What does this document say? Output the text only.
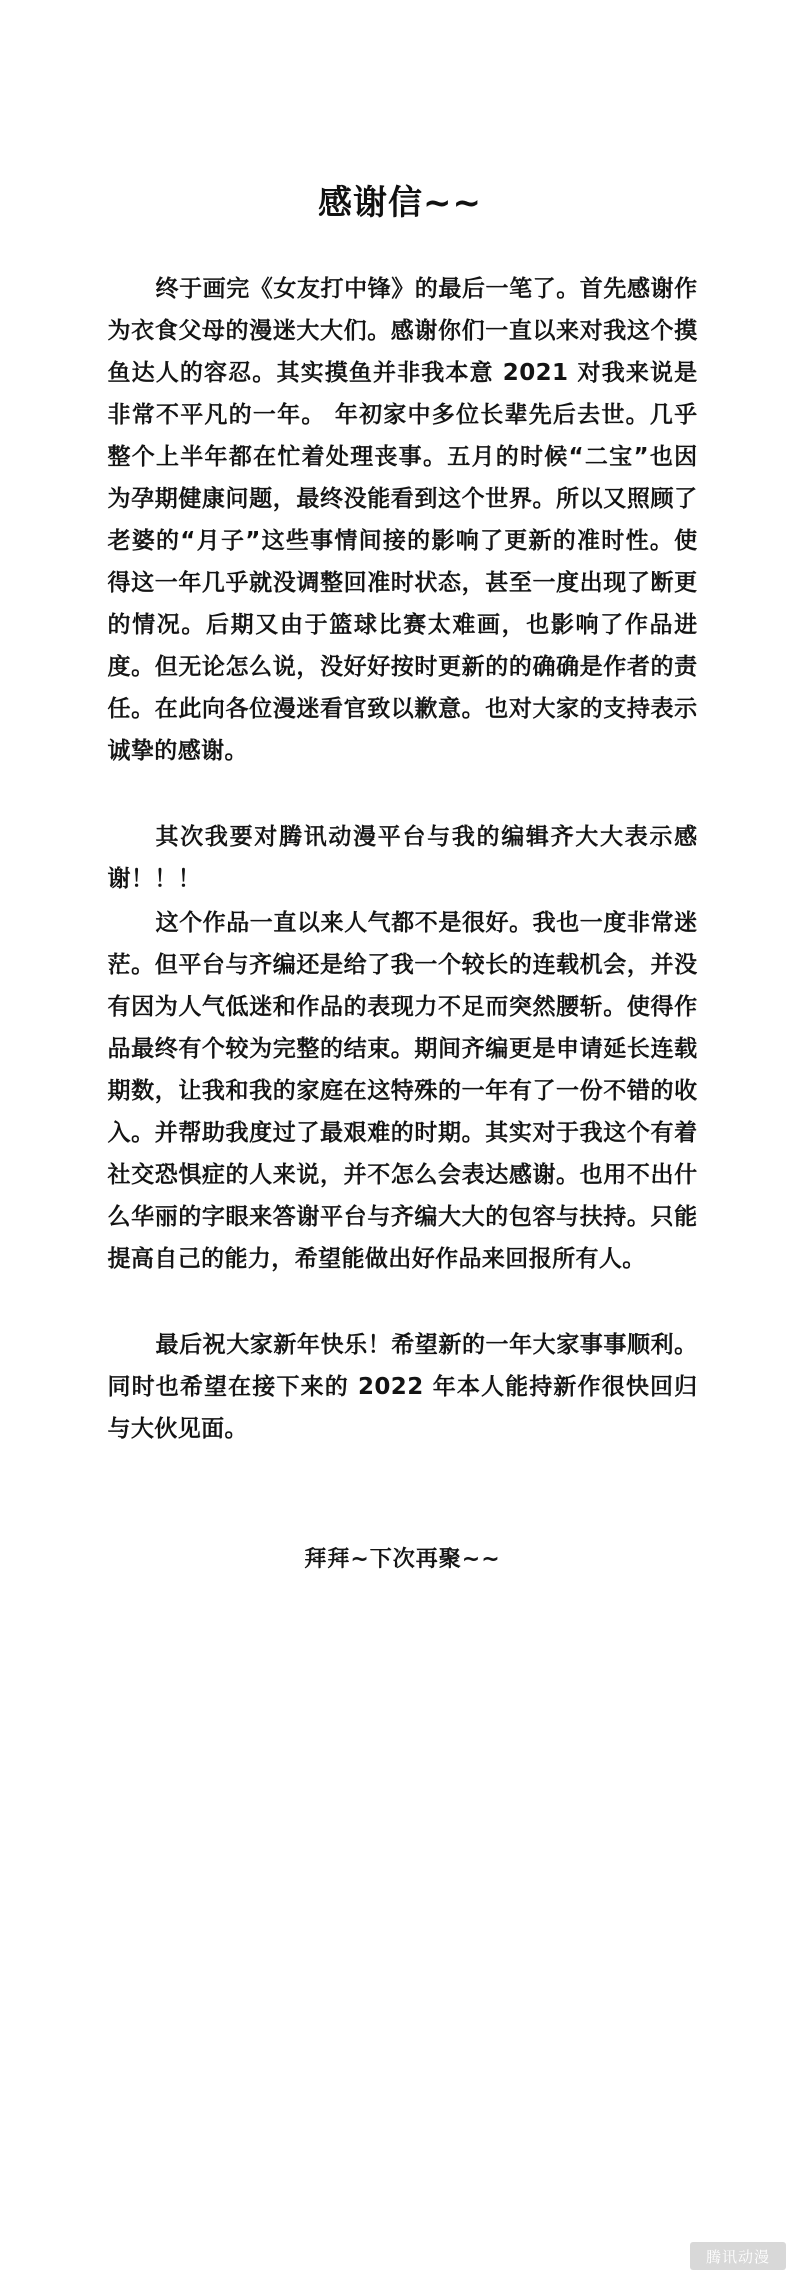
感谢信~~

终于画完《女友打中锋》的最后一笔了。首先感谢作为衣食父母的漫迷大大们。感谢你们一直以来对我这个摸鱼达人的容忍。其实摸鱼并非我本意 2021 对我来说是非常不平凡的一年。 年初家中多位长辈先后去世。几乎整个上半年都在忙着处理丧事。五月的时候“二宝”也因为孕期健康问题，最终没能看到这个世界。所以又照顾了老婆的“月子”这些事情间接的影响了更新的准时性。使得这一年几乎就没调整回准时状态，甚至一度出现了断更的情况。后期又由于篮球比赛太难画，也影响了作品进度。但无论怎么说，没好好按时更新的的确确是作者的责任。在此向各位漫迷看官致以歉意。也对大家的支持表示诚挚的感谢。

其次我要对腾讯动漫平台与我的编辑齐大大表示感谢！！！

这个作品一直以来人气都不是很好。我也一度非常迷茫。但平台与齐编还是给了我一个较长的连载机会，并没有因为人气低迷和作品的表现力不足而突然腰斩。使得作品最终有个较为完整的结束。期间齐编更是申请延长连载期数，让我和我的家庭在这特殊的一年有了一份不错的收入。并帮助我度过了最艰难的时期。其实对于我这个有着社交恐惧症的人来说，并不怎么会表达感谢。也用不出什么华丽的字眼来答谢平台与齐编大大的包容与扶持。只能提高自己的能力，希望能做出好作品来回报所有人。

最后祝大家新年快乐！希望新的一年大家事事顺利。同时也希望在接下来的 2022 年本人能持新作很快回归与大伙见面。

拜拜~下次再聚~~
腾讯动漫
